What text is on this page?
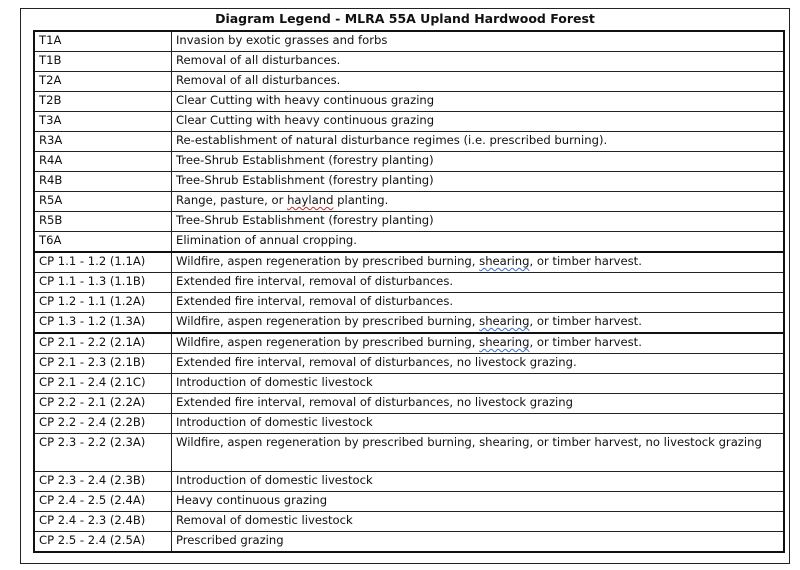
Diagram Legend - MLRA 55A Upland Hardwood Forest
T1A	Invasion by exotic grasses and forbs
T1B	Removal of all disturbances.
T2A	Removal of all disturbances.
T2B	Clear Cutting with heavy continuous grazing
T3A	Clear Cutting with heavy continuous grazing
R3A	Re-establishment of natural disturbance regimes (i.e. prescribed burning).
R4A	Tree-Shrub Establishment (forestry planting)
R4B	Tree-Shrub Establishment (forestry planting)
R5A	Range, pasture, or hayland planting.
R5B	Tree-Shrub Establishment (forestry planting)
T6A	Elimination of annual cropping.
CP 1.1 - 1.2 (1.1A)	Wildfire, aspen regeneration by prescribed burning, shearing, or timber harvest.
CP 1.1 - 1.3 (1.1B)	Extended fire interval, removal of disturbances.
CP 1.2 - 1.1 (1.2A)	Extended fire interval, removal of disturbances.
CP 1.3 - 1.2 (1.3A)	Wildfire, aspen regeneration by prescribed burning, shearing, or timber harvest.
CP 2.1 - 2.2 (2.1A)	Wildfire, aspen regeneration by prescribed burning, shearing, or timber harvest.
CP 2.1 - 2.3 (2.1B)	Extended fire interval, removal of disturbances, no livestock grazing.
CP 2.1 - 2.4 (2.1C)	Introduction of domestic livestock
CP 2.2 - 2.1 (2.2A)	Extended fire interval, removal of disturbances, no livestock grazing
CP 2.2 - 2.4 (2.2B)	Introduction of domestic livestock
CP 2.3 - 2.2 (2.3A)	Wildfire, aspen regeneration by prescribed burning, shearing, or timber harvest, no livestock grazing
CP 2.3 - 2.4 (2.3B)	Introduction of domestic livestock
CP 2.4 - 2.5 (2.4A)	Heavy continuous grazing
CP 2.4 - 2.3 (2.4B)	Removal of domestic livestock
CP 2.5 - 2.4 (2.5A)	Prescribed grazing
